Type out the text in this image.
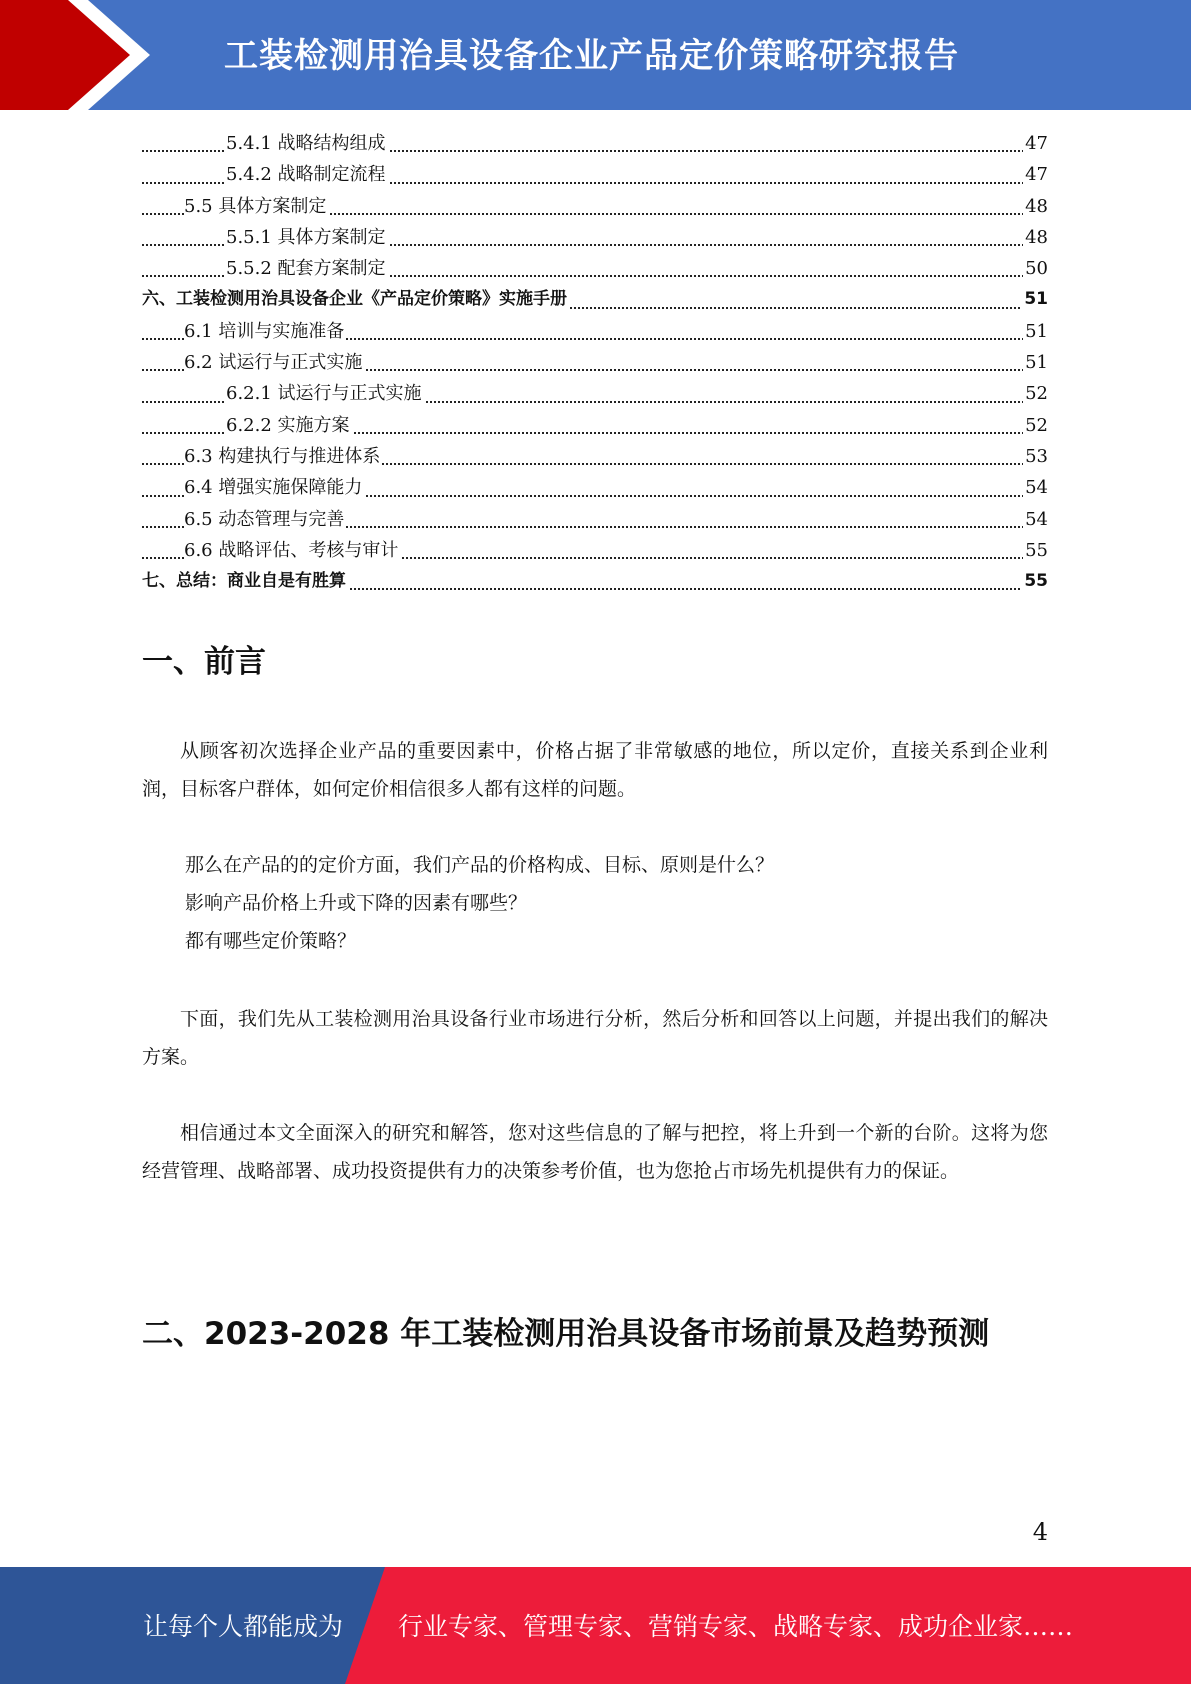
工装检测用治具设备企业产品定价策略研究报告
5.4.1 战略结构组成	47
5.4.2 战略制定流程	47
5.5 具体方案制定	48
5.5.1 具体方案制定	48
5.5.2 配套方案制定	50
六、工装检测用治具设备企业《产品定价策略》实施手册	51
6.1 培训与实施准备	51
6.2 试运行与正式实施	51
6.2.1 试运行与正式实施	52
6.2.2 实施方案	52
6.3 构建执行与推进体系	53
6.4 增强实施保障能力	54
6.5 动态管理与完善	54
6.6 战略评估、考核与审计	55
七、总结：商业自是有胜算	55
一、前言
从顾客初次选择企业产品的重要因素中，价格占据了非常敏感的地位，所以定价，直接关系到企业利润，目标客户群体，如何定价相信很多人都有这样的问题。
那么在产品的的定价方面，我们产品的价格构成、目标、原则是什么？
影响产品价格上升或下降的因素有哪些？
都有哪些定价策略？
下面，我们先从工装检测用治具设备行业市场进行分析，然后分析和回答以上问题，并提出我们的解决方案。
相信通过本文全面深入的研究和解答，您对这些信息的了解与把控，将上升到一个新的台阶。这将为您经营管理、战略部署、成功投资提供有力的决策参考价值，也为您抢占市场先机提供有力的保证。
二、2023-2028 年工装检测用治具设备市场前景及趋势预测
4
让每个人都能成为 行业专家、管理专家、营销专家、战略专家、成功企业家……
